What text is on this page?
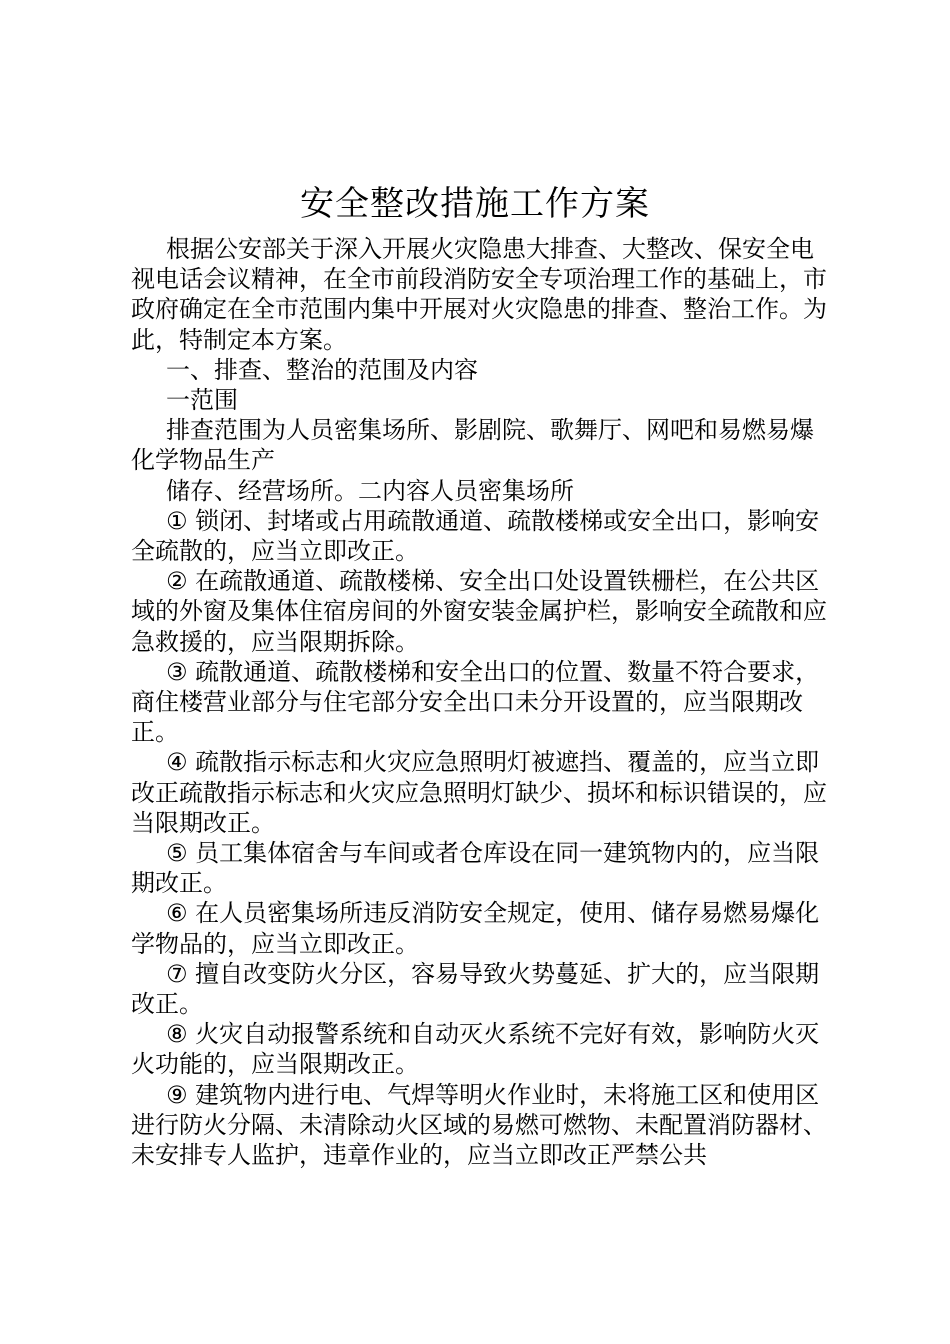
安全整改措施工作方案

根据公安部关于深入开展火灾隐患大排查、大整改、保安全电视电话会议精神，在全市前段消防安全专项治理工作的基础上，市政府确定在全市范围内集中开展对火灾隐患的排查、整治工作。为此，特制定本方案。

一、排查、整治的范围及内容

一范围

排查范围为人员密集场所、影剧院、歌舞厅、网吧和易燃易爆化学物品生产

储存、经营场所。二内容人员密集场所

① 锁闭、封堵或占用疏散通道、疏散楼梯或安全出口，影响安全疏散的，应当立即改正。

② 在疏散通道、疏散楼梯、安全出口处设置铁栅栏，在公共区域的外窗及集体住宿房间的外窗安装金属护栏，影响安全疏散和应急救援的，应当限期拆除。

③ 疏散通道、疏散楼梯和安全出口的位置、数量不符合要求，商住楼营业部分与住宅部分安全出口未分开设置的，应当限期改正。

④ 疏散指示标志和火灾应急照明灯被遮挡、覆盖的，应当立即改正疏散指示标志和火灾应急照明灯缺少、损坏和标识错误的，应当限期改正。

⑤ 员工集体宿舍与车间或者仓库设在同一建筑物内的，应当限期改正。

⑥ 在人员密集场所违反消防安全规定，使用、储存易燃易爆化学物品的，应当立即改正。

⑦ 擅自改变防火分区，容易导致火势蔓延、扩大的，应当限期改正。

⑧ 火灾自动报警系统和自动灭火系统不完好有效，影响防火灭火功能的，应当限期改正。

⑨ 建筑物内进行电、气焊等明火作业时，未将施工区和使用区进行防火分隔、未清除动火区域的易燃可燃物、未配置消防器材、未安排专人监护，违章作业的，应当立即改正严禁公共
